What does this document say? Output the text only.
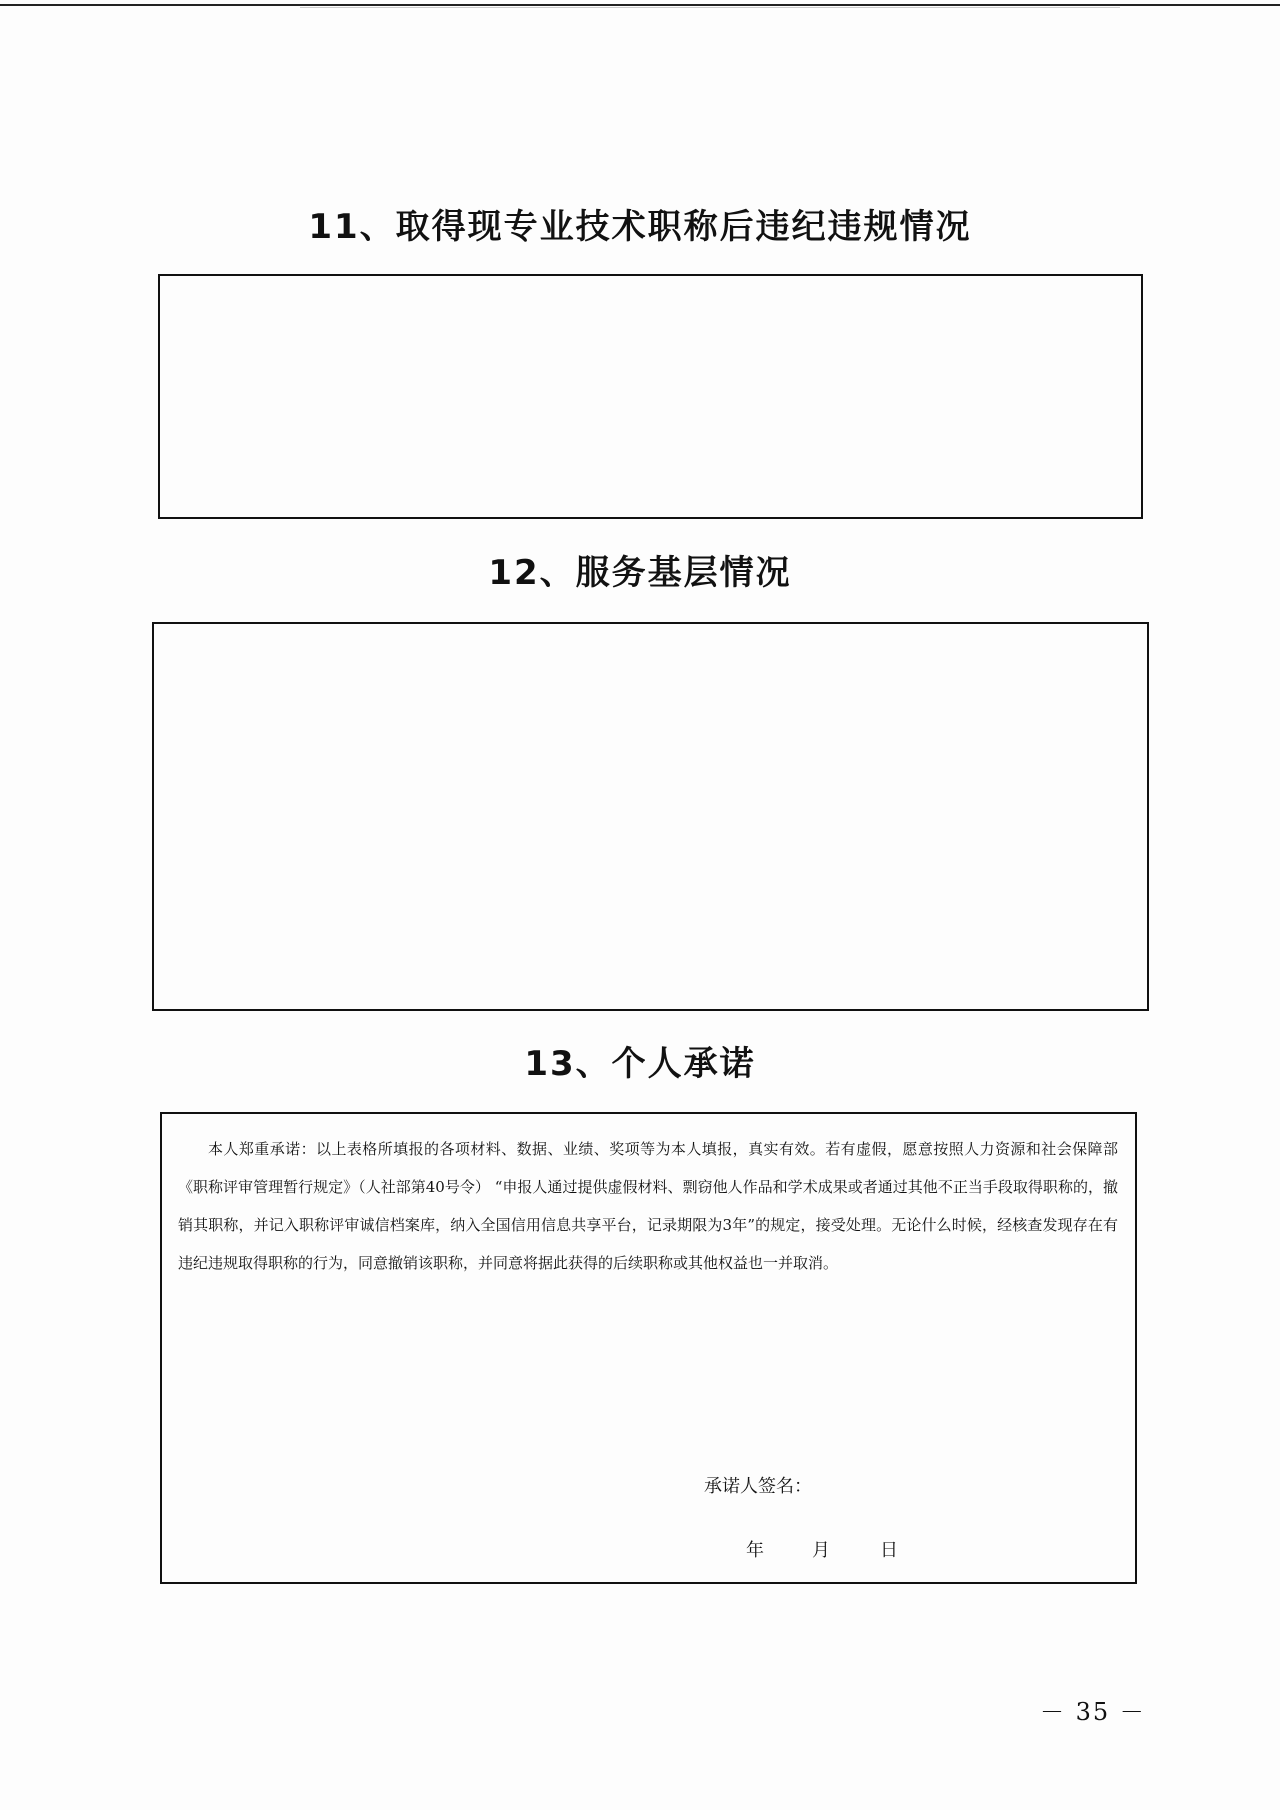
11、取得现专业技术职称后违纪违规情况
12、服务基层情况
13、个人承诺

本人郑重承诺：以上表格所填报的各项材料、数据、业绩、奖项等为本人填报，真实有效。若有虚假，愿意按照人力资源和社会保障部《职称评审管理暂行规定》（人社部第40号令） “申报人通过提供虚假材料、剽窃他人作品和学术成果或者通过其他不正当手段取得职称的，撤销其职称，并记入职称评审诚信档案库，纳入全国信用信息共享平台，记录期限为3年”的规定，接受处理。无论什么时候，经核查发现存在有违纪违规取得职称的行为，同意撤销该职称，并同意将据此获得的后续职称或其他权益也一并取消。

承诺人签名：
年	月	日
－ 35 －
